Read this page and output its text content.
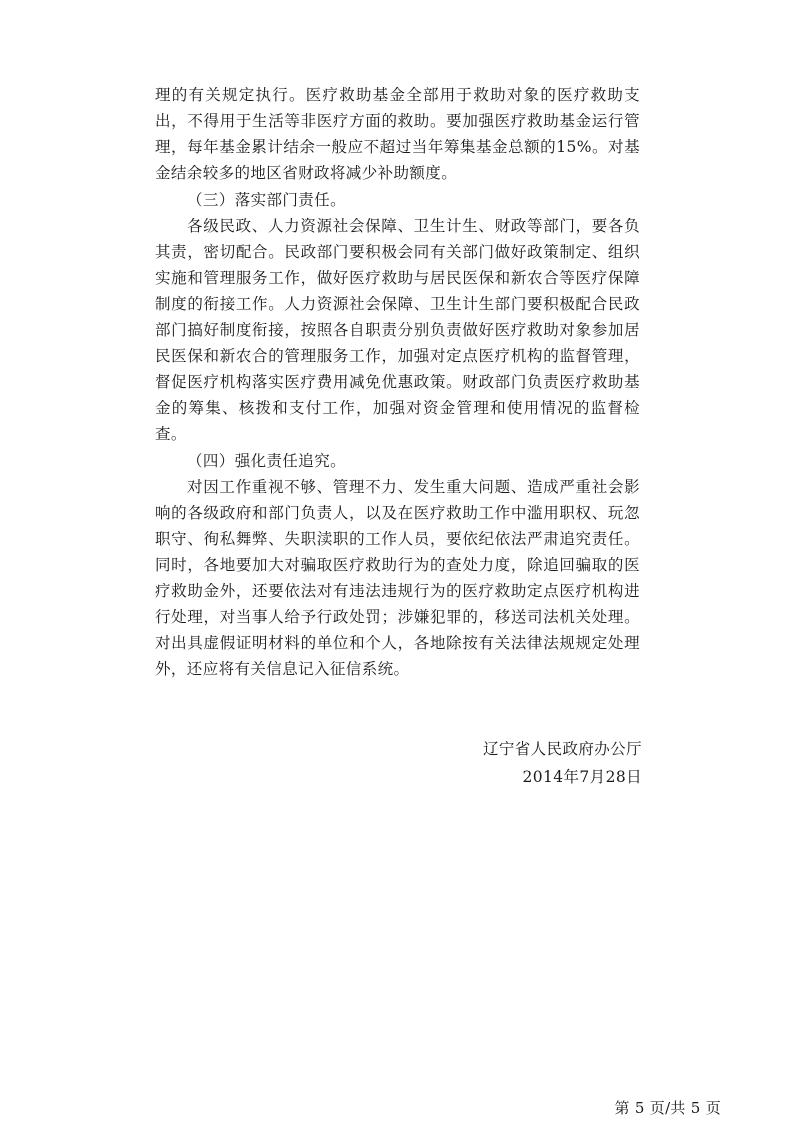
理的有关规定执行。医疗救助基金全部用于救助对象的医疗救助支出，不得用于生活等非医疗方面的救助。要加强医疗救助基金运行管理，每年基金累计结余一般应不超过当年筹集基金总额的15%。对基金结余较多的地区省财政将减少补助额度。

（三）落实部门责任。

各级民政、人力资源社会保障、卫生计生、财政等部门，要各负其责，密切配合。民政部门要积极会同有关部门做好政策制定、组织实施和管理服务工作，做好医疗救助与居民医保和新农合等医疗保障制度的衔接工作。人力资源社会保障、卫生计生部门要积极配合民政部门搞好制度衔接，按照各自职责分别负责做好医疗救助对象参加居民医保和新农合的管理服务工作，加强对定点医疗机构的监督管理，督促医疗机构落实医疗费用减免优惠政策。财政部门负责医疗救助基金的筹集、核拨和支付工作，加强对资金管理和使用情况的监督检查。

（四）强化责任追究。

对因工作重视不够、管理不力、发生重大问题、造成严重社会影响的各级政府和部门负责人，以及在医疗救助工作中滥用职权、玩忽职守、徇私舞弊、失职渎职的工作人员，要依纪依法严肃追究责任。同时，各地要加大对骗取医疗救助行为的查处力度，除追回骗取的医疗救助金外，还要依法对有违法违规行为的医疗救助定点医疗机构进行处理，对当事人给予行政处罚；涉嫌犯罪的，移送司法机关处理。对出具虚假证明材料的单位和个人，各地除按有关法律法规规定处理外，还应将有关信息记入征信系统。

辽宁省人民政府办公厅

2014年7月28日

第 5 页/共 5 页
